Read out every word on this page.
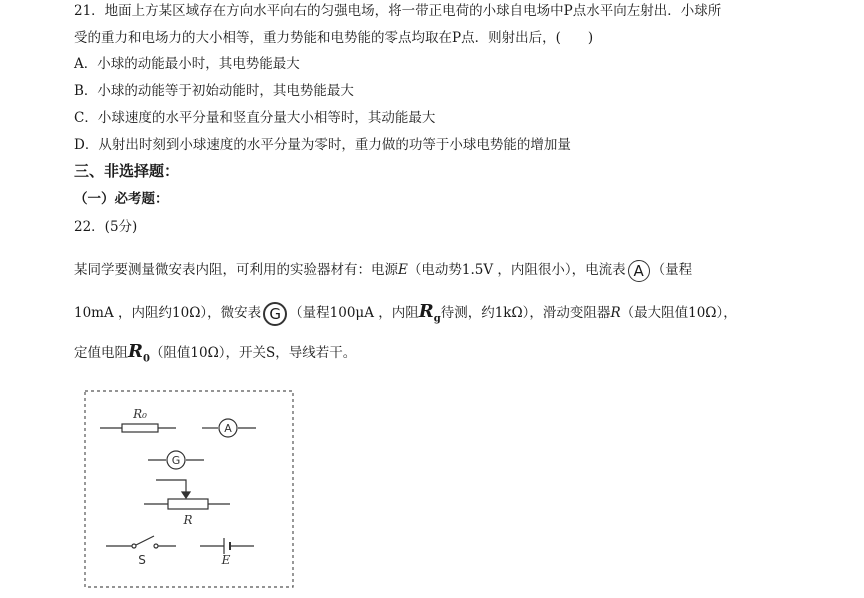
21．地面上方某区域存在方向水平向右的匀强电场，将一带正电荷的小球自电场中P点水平向左射出．小球所
受的重力和电场力的大小相等，重力势能和电势能的零点均取在P点．则射出后，(　　)
A．小球的动能最小时，其电势能最大
B．小球的动能等于初始动能时，其电势能最大
C．小球速度的水平分量和竖直分量大小相等时，其动能最大
D．从射出时刻到小球速度的水平分量为零时，重力做的功等于小球电势能的增加量
三、非选择题：
（一）必考题：
22．(5分)
某同学要测量微安表内阻，可利用的实验器材有：电源E（电动势1.5V ，内阻很小），电流表 A （量程
10mA ，内阻约10Ω），微安表 G （量程100μA ，内阻$R_g$待测，约1kΩ），滑动变阻器R（最大阻值10Ω），
定值电阻$R_0$（阻值10Ω），开关S，导线若干。
R₀
A
G
R
S	E
